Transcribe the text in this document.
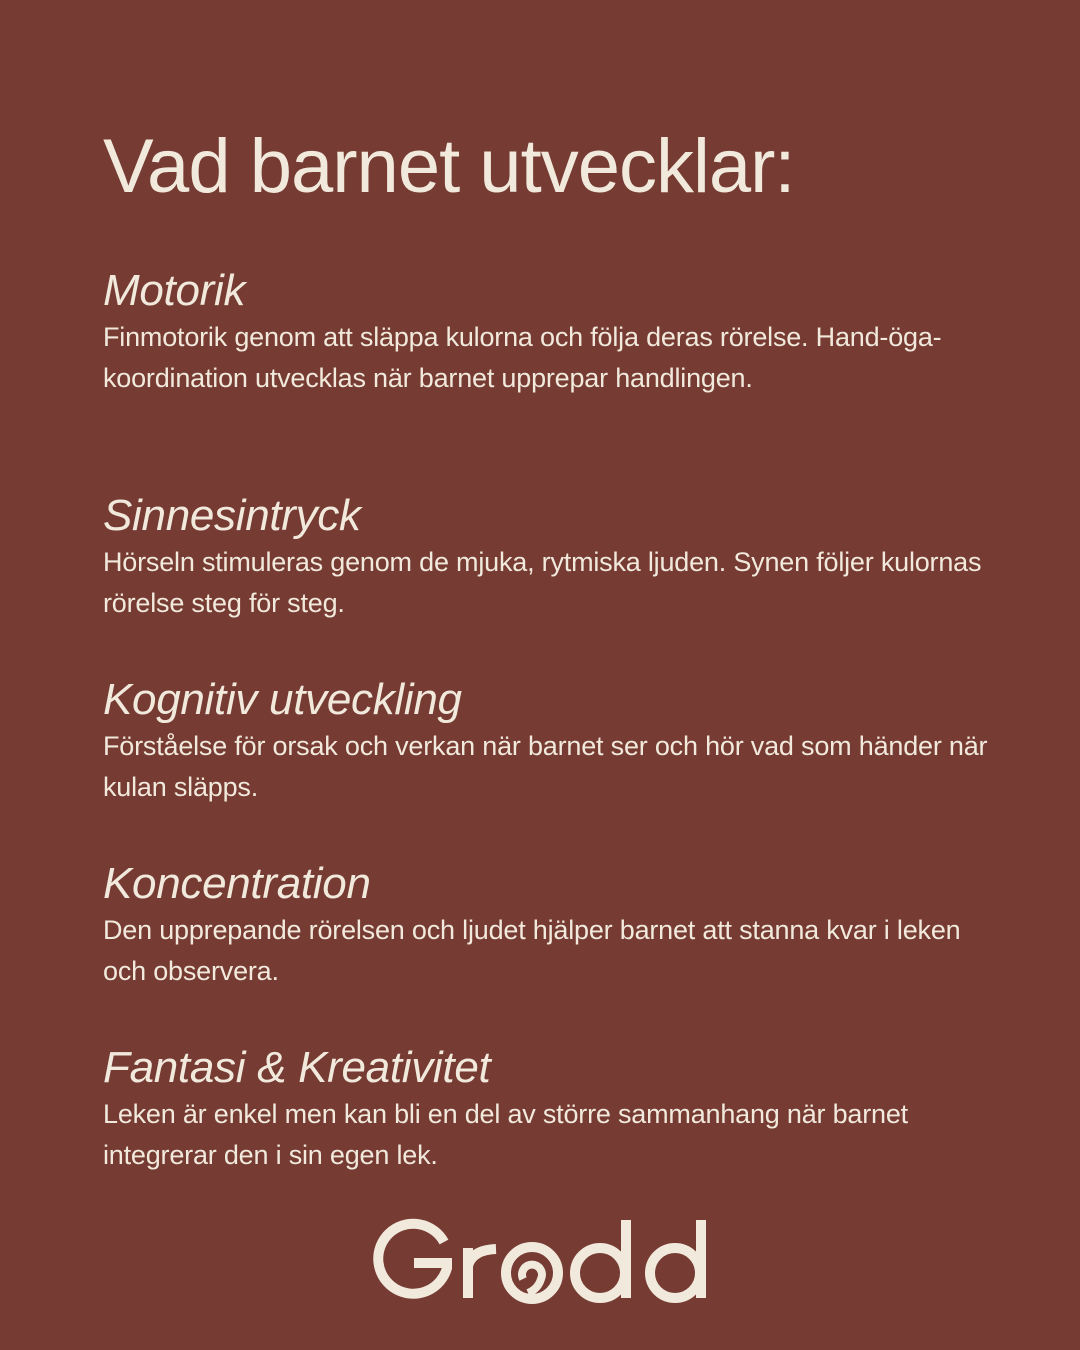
Vad barnet utvecklar:
Motorik

Finmotorik genom att släppa kulorna och följa deras rörelse. Hand-öga-koordination utvecklas när barnet upprepar handlingen.

Sinnesintryck

Hörseln stimuleras genom de mjuka, rytmiska ljuden. Synen följer kulornas rörelse steg för steg.

Kognitiv utveckling

Förståelse för orsak och verkan när barnet ser och hör vad som händer när kulan släpps.

Koncentration

Den upprepande rörelsen och ljudet hjälper barnet att stanna kvar i leken och observera.

Fantasi & Kreativitet

Leken är enkel men kan bli en del av större sammanhang när barnet integrerar den i sin egen lek.
